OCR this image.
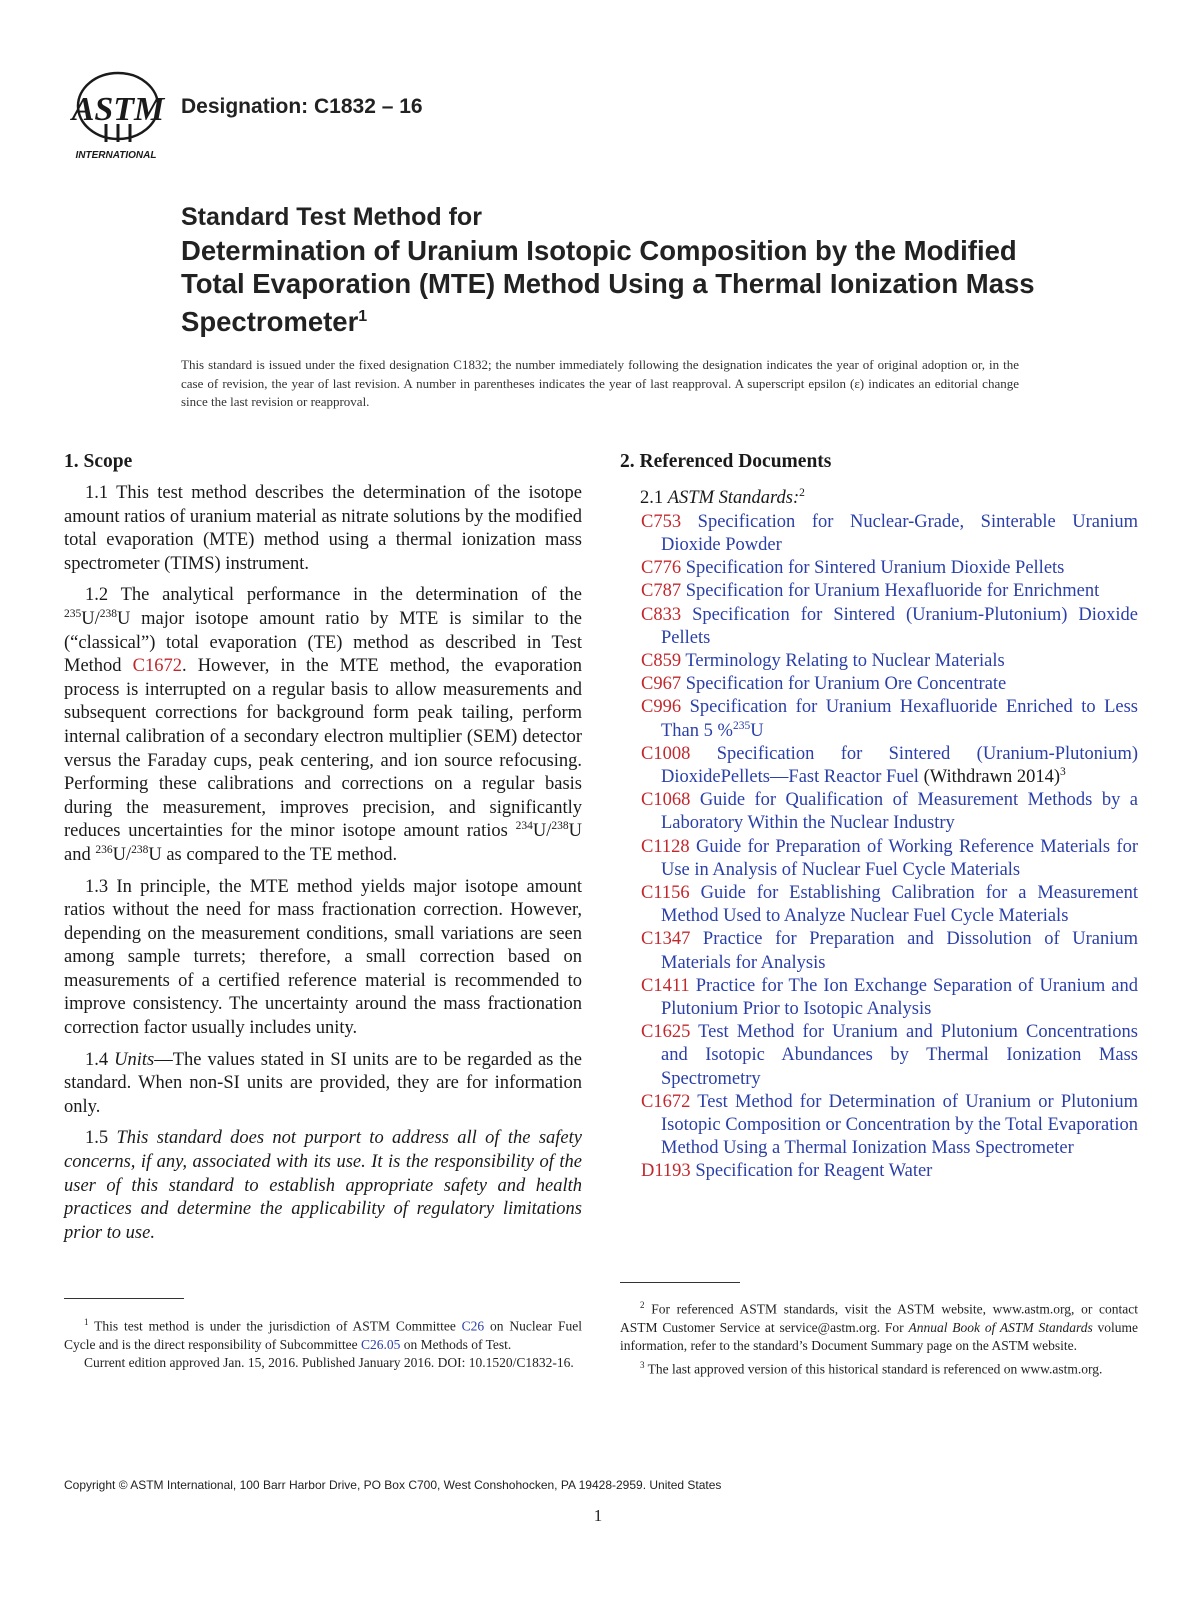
ASTM
INTERNATIONAL
Designation: C1832 – 16
Standard Test Method for
Determination of Uranium Isotopic Composition by the Modified Total Evaporation (MTE) Method Using a Thermal Ionization Mass Spectrometer$^1$
This standard is issued under the fixed designation C1832; the number immediately following the designation indicates the year of original adoption or, in the case of revision, the year of last revision. A number in parentheses indicates the year of last reapproval. A superscript epsilon (ε) indicates an editorial change since the last revision or reapproval.
1. Scope

1.1 This test method describes the determination of the isotope amount ratios of uranium material as nitrate solutions by the modified total evaporation (MTE) method using a thermal ionization mass spectrometer (TIMS) instrument.

1.2 The analytical performance in the determination of the $^{235}$U/$^{238}$U major isotope amount ratio by MTE is similar to the (“classical”) total evaporation (TE) method as described in Test Method C1672. However, in the MTE method, the evaporation process is interrupted on a regular basis to allow measurements and subsequent corrections for background form peak tailing, perform internal calibration of a secondary electron multiplier (SEM) detector versus the Faraday cups, peak centering, and ion source refocusing. Performing these calibrations and corrections on a regular basis during the measurement, improves precision, and significantly reduces uncertainties for the minor isotope amount ratios $^{234}$U/$^{238}$U and $^{236}$U/$^{238}$U as compared to the TE method.

1.3 In principle, the MTE method yields major isotope amount ratios without the need for mass fractionation correction. However, depending on the measurement conditions, small variations are seen among sample turrets; therefore, a small correction based on measurements of a certified reference material is recommended to improve consistency. The uncertainty around the mass fractionation correction factor usually includes unity.

1.4 Units—The values stated in SI units are to be regarded as the standard. When non-SI units are provided, they are for information only.

1.5 This standard does not purport to address all of the safety concerns, if any, associated with its use. It is the responsibility of the user of this standard to establish appropriate safety and health practices and determine the applicability of regulatory limitations prior to use.

2. Referenced Documents
2.1 ASTM Standards:$^2$
C753 Specification for Nuclear-Grade, Sinterable Uranium Dioxide Powder
C776 Specification for Sintered Uranium Dioxide Pellets
C787 Specification for Uranium Hexafluoride for Enrichment
C833 Specification for Sintered (Uranium-Plutonium) Dioxide Pellets
C859 Terminology Relating to Nuclear Materials
C967 Specification for Uranium Ore Concentrate
C996 Specification for Uranium Hexafluoride Enriched to Less Than 5 %$^{235}$U
C1008 Specification for Sintered (Uranium-Plutonium) DioxidePellets—Fast Reactor Fuel (Withdrawn 2014)$^3$
C1068 Guide for Qualification of Measurement Methods by a Laboratory Within the Nuclear Industry
C1128 Guide for Preparation of Working Reference Materials for Use in Analysis of Nuclear Fuel Cycle Materials
C1156 Guide for Establishing Calibration for a Measurement Method Used to Analyze Nuclear Fuel Cycle Materials
C1347 Practice for Preparation and Dissolution of Uranium Materials for Analysis
C1411 Practice for The Ion Exchange Separation of Uranium and Plutonium Prior to Isotopic Analysis
C1625 Test Method for Uranium and Plutonium Concentrations and Isotopic Abundances by Thermal Ionization Mass Spectrometry
C1672 Test Method for Determination of Uranium or Plutonium Isotopic Composition or Concentration by the Total Evaporation Method Using a Thermal Ionization Mass Spectrometer
D1193 Specification for Reagent Water

$^1$ This test method is under the jurisdiction of ASTM Committee C26 on Nuclear Fuel Cycle and is the direct responsibility of Subcommittee C26.05 on Methods of Test.

Current edition approved Jan. 15, 2016. Published January 2016. DOI: 10.1520/C1832-16.

$^2$ For referenced ASTM standards, visit the ASTM website, www.astm.org, or contact ASTM Customer Service at service@astm.org. For Annual Book of ASTM Standards volume information, refer to the standard’s Document Summary page on the ASTM website.

$^3$ The last approved version of this historical standard is referenced on www.astm.org.

Copyright © ASTM International, 100 Barr Harbor Drive, PO Box C700, West Conshohocken, PA 19428-2959. United States
1
